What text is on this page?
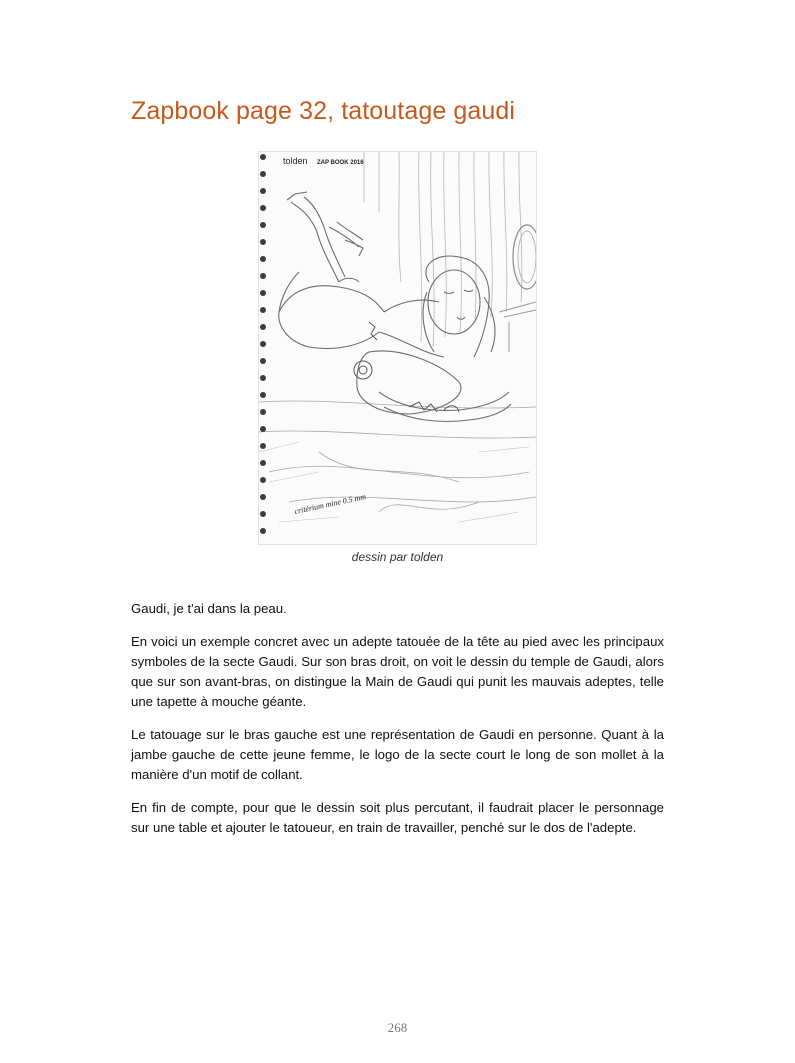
Zapbook page 32, tatoutage gaudi
tolden ZAP BOOK 2016
critérium mine 0.5 mm
dessin par tolden

Gaudi, je t'ai dans la peau.

En voici un exemple concret avec un adepte tatouée de la tête au pied avec les principaux symboles de la secte Gaudi. Sur son bras droit, on voit le dessin du temple de Gaudi, alors que sur son avant-bras, on distingue la Main de Gaudi qui punit les mauvais adeptes, telle une tapette à mouche géante.

Le tatouage sur le bras gauche est une représentation de Gaudi en personne. Quant à la jambe gauche de cette jeune femme, le logo de la secte court le long de son mollet à la manière d'un motif de collant.

En fin de compte, pour que le dessin soit plus percutant, il faudrait placer le personnage sur une table et ajouter le tatoueur, en train de travailler, penché sur le dos de l'adepte.

268
